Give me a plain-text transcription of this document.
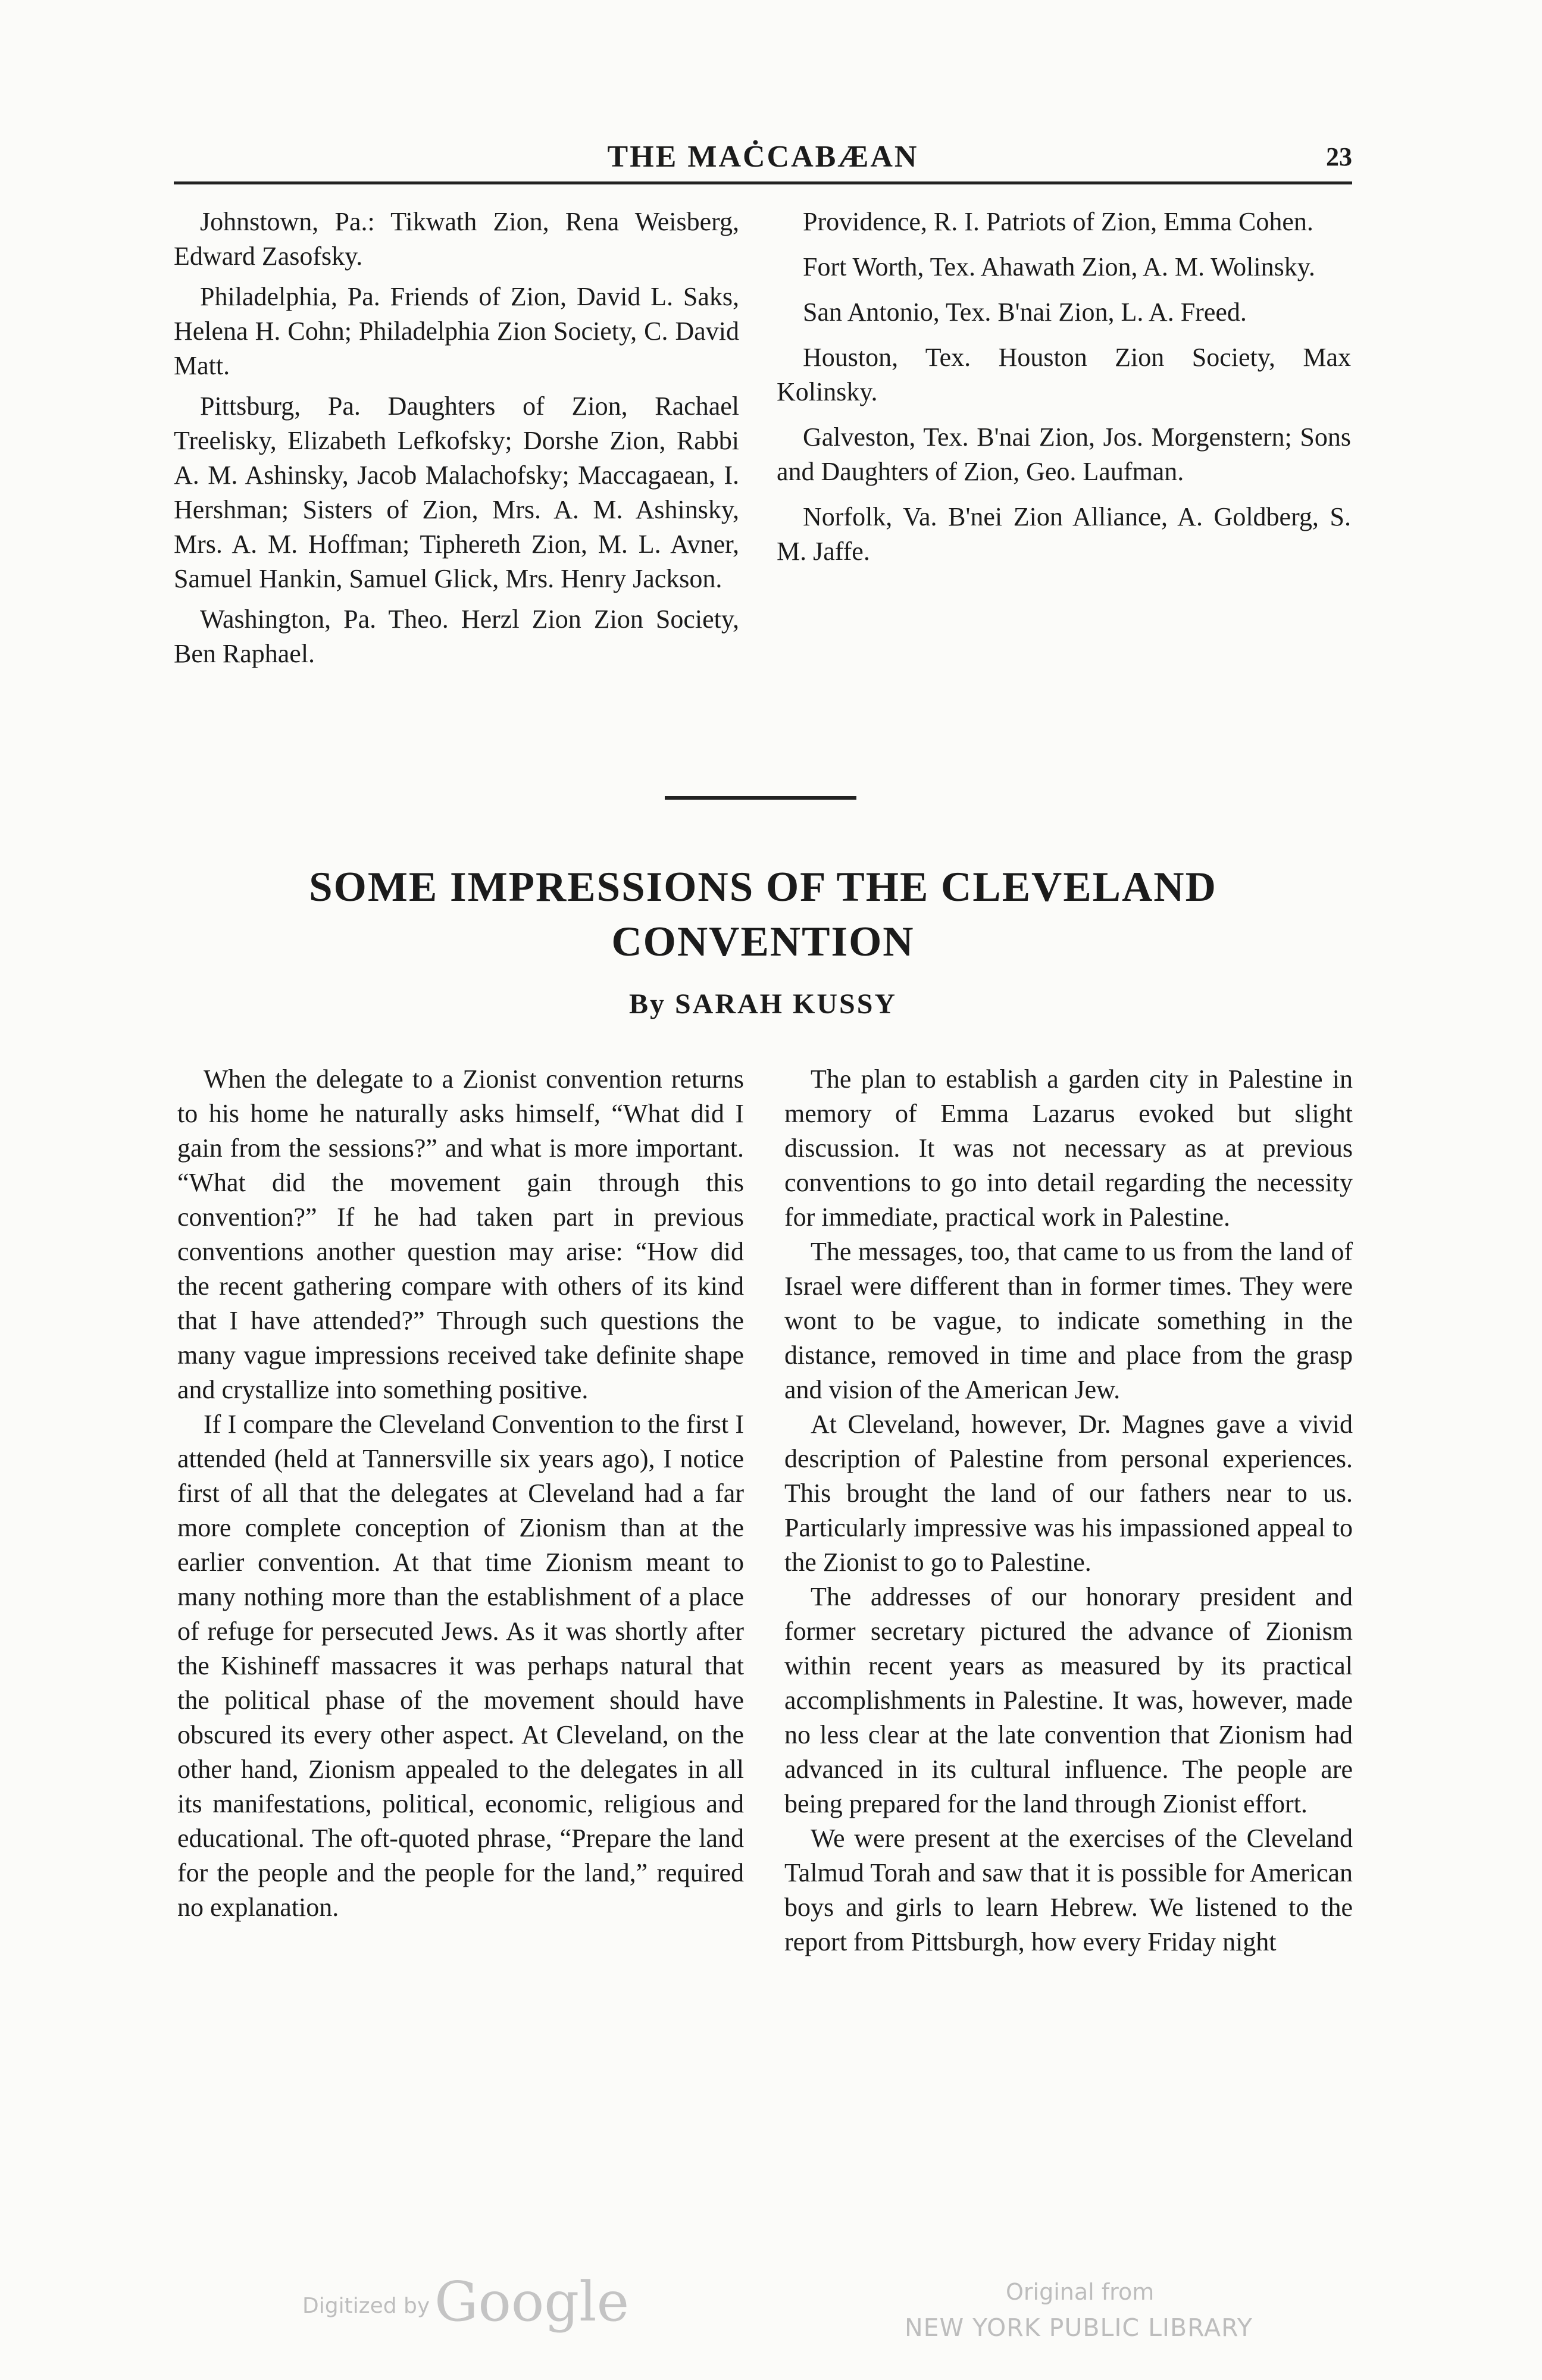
THE MAĊCABÆAN	23

Johnstown, Pa.: Tikwath Zion, Rena Weisberg, Edward Zasofsky.

Philadelphia, Pa. Friends of Zion, David L. Saks, Helena H. Cohn; Philadelphia Zion Society, C. David Matt.

Pittsburg, Pa. Daughters of Zion, Rachael Treelisky, Elizabeth Lefkofsky; Dorshe Zion, Rabbi A. M. Ashinsky, Jacob Malachofsky; Maccagaean, I. Hershman; Sisters of Zion, Mrs. A. M. Ashinsky, Mrs. A. M. Hoffman; Tiphereth Zion, M. L. Avner, Samuel Hankin, Samuel Glick, Mrs. Henry Jackson.

Washington, Pa. Theo. Herzl Zion Zion Society, Ben Raphael.

Providence, R. I. Patriots of Zion, Emma Cohen.

Fort Worth, Tex. Ahawath Zion, A. M. Wolinsky.

San Antonio, Tex. B'nai Zion, L. A. Freed.

Houston, Tex. Houston Zion Society, Max Kolinsky.

Galveston, Tex. B'nai Zion, Jos. Morgenstern; Sons and Daughters of Zion, Geo. Laufman.

Norfolk, Va. B'nei Zion Alliance, A. Goldberg, S. M. Jaffe.

SOME IMPRESSIONS OF THE CLEVELAND
CONVENTION
By SARAH KUSSY

When the delegate to a Zionist convention returns to his home he naturally asks himself, “What did I gain from the sessions?” and what is more important. “What did the movement gain through this convention?” If he had taken part in previous conventions another question may arise: “How did the recent gathering compare with others of its kind that I have attended?” Through such questions the many vague impressions received take definite shape and crystallize into something positive.

If I compare the Cleveland Convention to the first I attended (held at Tannersville six years ago), I notice first of all that the delegates at Cleveland had a far more complete conception of Zionism than at the earlier convention. At that time Zionism meant to many nothing more than the establishment of a place of refuge for persecuted Jews. As it was shortly after the Kishineff massacres it was perhaps natural that the political phase of the movement should have obscured its every other aspect. At Cleveland, on the other hand, Zionism appealed to the delegates in all its manifestations, political, economic, religious and educational. The oft-quoted phrase, “Prepare the land for the people and the people for the land,” required no explanation.

The plan to establish a garden city in Palestine in memory of Emma Lazarus evoked but slight discussion. It was not necessary as at previous conventions to go into detail regarding the necessity for immediate, practical work in Palestine.

The messages, too, that came to us from the land of Israel were different than in former times. They were wont to be vague, to indicate something in the distance, removed in time and place from the grasp and vision of the American Jew.

At Cleveland, however, Dr. Magnes gave a vivid description of Palestine from personal experiences. This brought the land of our fathers near to us. Particularly impressive was his impassioned appeal to the Zionist to go to Palestine.

The addresses of our honorary president and former secretary pictured the advance of Zionism within recent years as measured by its practical accomplishments in Palestine. It was, however, made no less clear at the late convention that Zionism had advanced in its cultural influence. The people are being prepared for the land through Zionist effort.

We were present at the exercises of the Cleveland Talmud Torah and saw that it is possible for American boys and girls to learn Hebrew. We listened to the report from Pittsburgh, how every Friday night

Digitized by Google	Original from
NEW YORK PUBLIC LIBRARY
